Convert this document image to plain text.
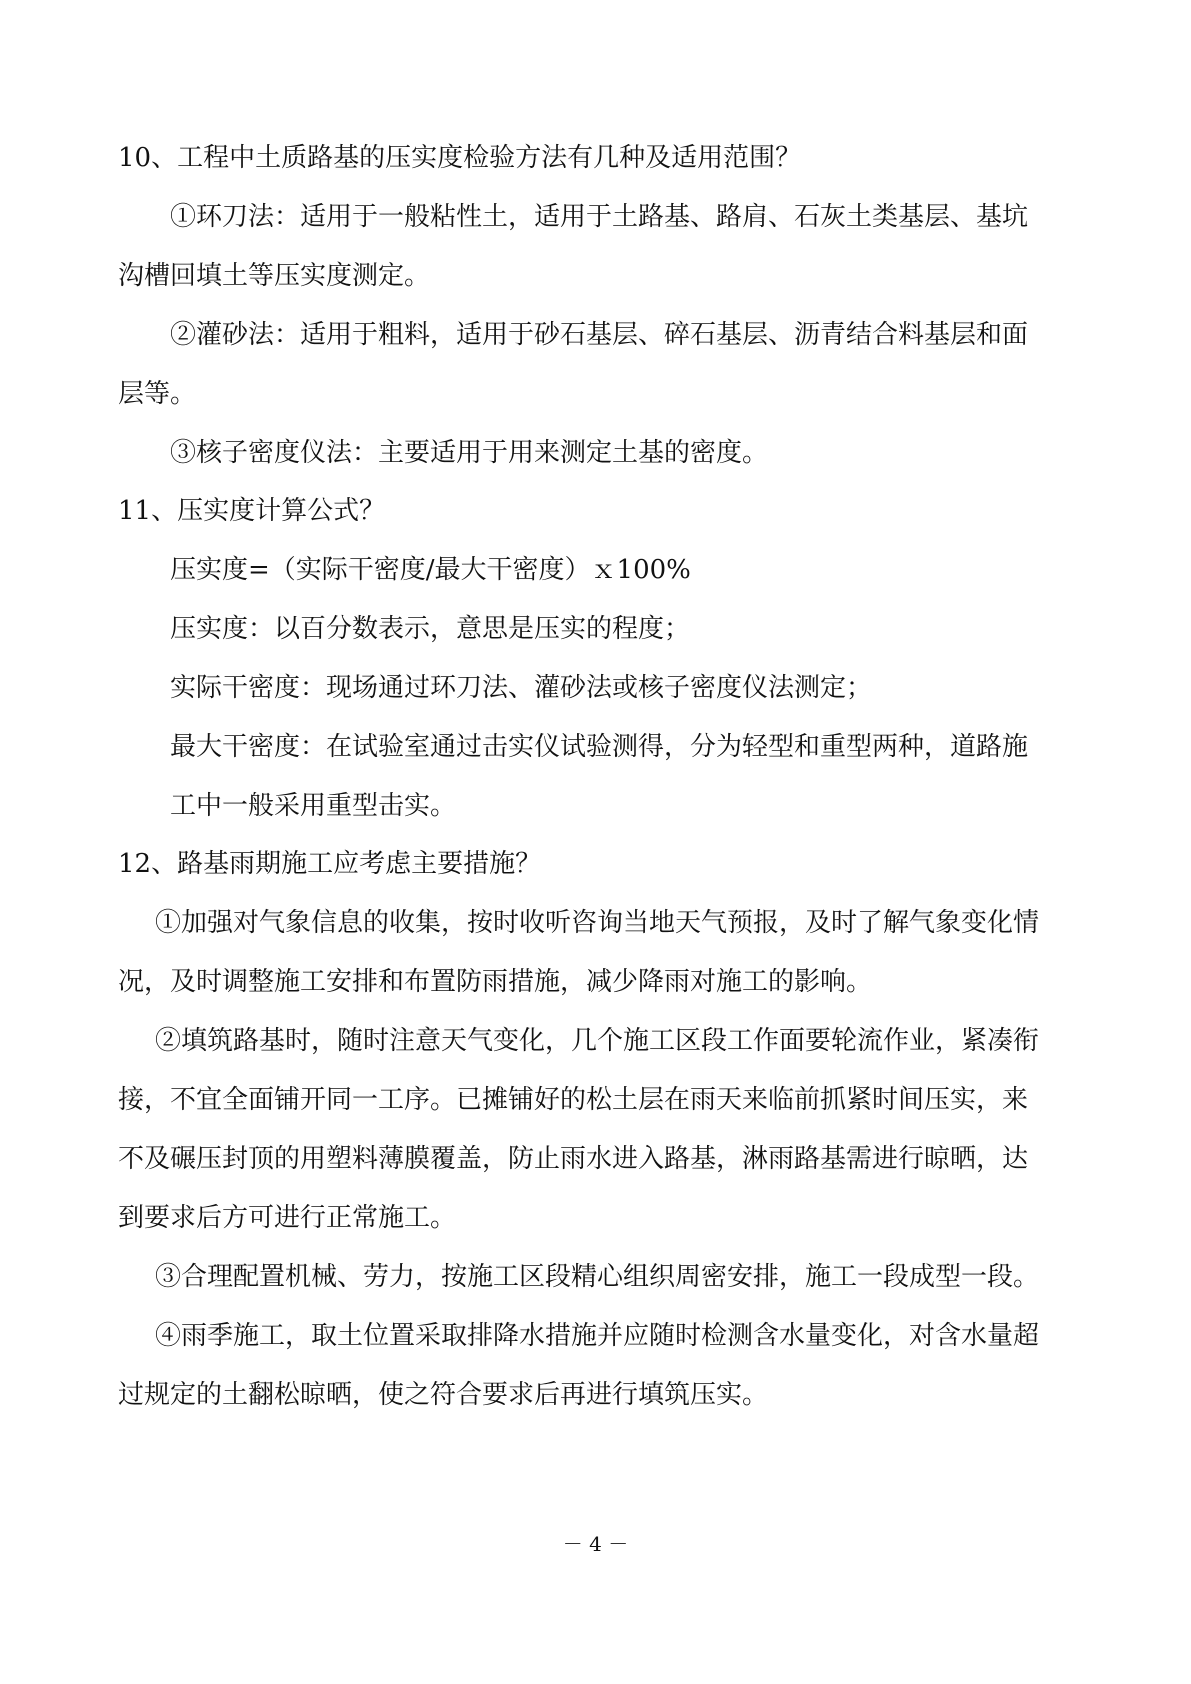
10、工程中土质路基的压实度检验方法有几种及适用范围？

①环刀法：适用于一般粘性土，适用于土路基、路肩、石灰土类基层、基坑

沟槽回填土等压实度测定。

②灌砂法：适用于粗料，适用于砂石基层、碎石基层、沥青结合料基层和面

层等。

③核子密度仪法：主要适用于用来测定土基的密度。

11、压实度计算公式？

压实度=（实际干密度/最大干密度）ｘ100%

压实度：以百分数表示，意思是压实的程度；

实际干密度：现场通过环刀法、灌砂法或核子密度仪法测定；

最大干密度：在试验室通过击实仪试验测得，分为轻型和重型两种，道路施

工中一般采用重型击实。

12、路基雨期施工应考虑主要措施？

①加强对气象信息的收集，按时收听咨询当地天气预报，及时了解气象变化情

况，及时调整施工安排和布置防雨措施，减少降雨对施工的影响。

②填筑路基时，随时注意天气变化，几个施工区段工作面要轮流作业，紧凑衔

接，不宜全面铺开同一工序。已摊铺好的松土层在雨天来临前抓紧时间压实，来

不及碾压封顶的用塑料薄膜覆盖，防止雨水进入路基，淋雨路基需进行晾晒，达

到要求后方可进行正常施工。

③合理配置机械、劳力，按施工区段精心组织周密安排，施工一段成型一段。

④雨季施工，取土位置采取排降水措施并应随时检测含水量变化，对含水量超

过规定的土翻松晾晒，使之符合要求后再进行填筑压实。

－ 4 －
